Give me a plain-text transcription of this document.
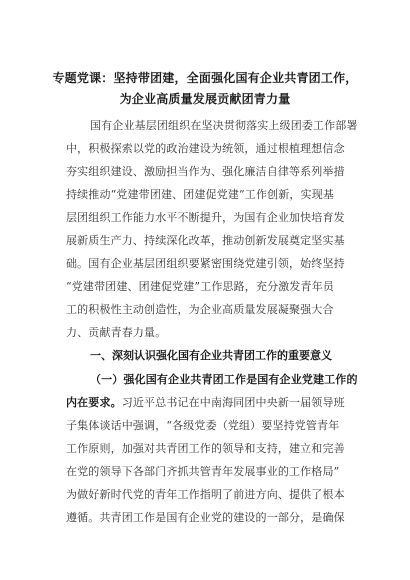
专题党课：坚持带团建，全面强化国有企业共青团工作，
为企业高质量发展贡献团青力量
国有企业基层团组织在坚决贯彻落实上级团委工作部署
中，积极探索以党的政治建设为统领，通过根植理想信念
夯实组织建设、激励担当作为、强化廉洁自律等系列举措
持续推动“党建带团建、团建促党建”工作创新，实现基
层团组织工作能力水平不断提升，为国有企业加快培育发
展新质生产力、持续深化改革，推动创新发展奠定坚实基
础。国有企业基层团组织要紧密围绕党建引领，始终坚持
“党建带团建、团建促党建”工作思路，充分激发青年员
工的积极性主动创造性，为企业高质量发展凝聚强大合
力、贡献青春力量。
一、深刻认识强化国有企业共青团工作的重要意义
（一）强化国有企业共青团工作是国有企业党建工作的
内在要求。习近平总书记在中南海同团中央新一届领导班
子集体谈话中强调，“各级党委（党组）要坚持党管青年
工作原则，加强对共青团工作的领导和支持，建立和完善
在党的领导下各部门齐抓共管青年发展事业的工作格局”
为做好新时代党的青年工作指明了前进方向、提供了根本
遵循。共青团工作是国有企业党的建设的一部分，是确保
